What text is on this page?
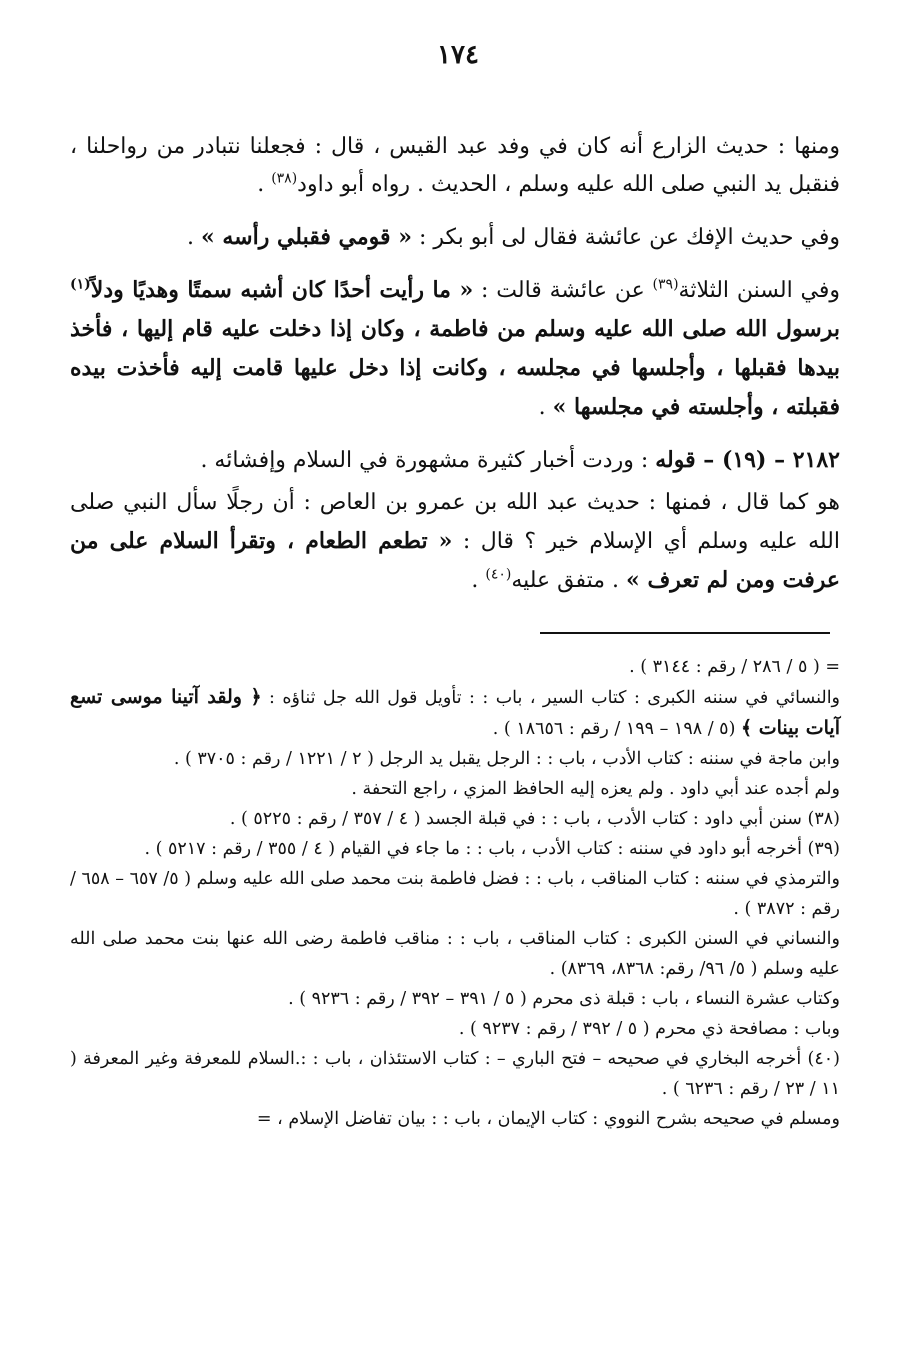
١٧٤

ومنها : حديث الزارع أنه كان في وفد عبد القيس ، قال : فجعلنا نتبادر من رواحلنا ، فنقبل يد النبي صلى الله عليه وسلم ، الحديث . رواه أبو داود$^{(٣٨)}$ .

وفي حديث الإفك عن عائشة فقال لى أبو بكر : « قومي فقبلي رأسه » .

وفي السنن الثلاثة$^{(٣٩)}$ عن عائشة قالت : « ما رأيت أحدًا كان أشبه سمتًا وهديًا ودلاً$^{(١)}$ برسول الله صلى الله عليه وسلم من فاطمة ، وكان إذا دخلت عليه قام إليها ، فأخذ بيدها فقبلها ، وأجلسها في مجلسه ، وكانت إذا دخل عليها قامت إليه فأخذت بيده فقبلته ، وأجلسته في مجلسها » .

٢١٨٢ – (١٩) – قوله : وردت أخبار كثيرة مشهورة في السلام وإفشائه .

هو كما قال ، فمنها : حديث عبد الله بن عمرو بن العاص : أن رجلًا سأل النبي صلى الله عليه وسلم أي الإسلام خير ؟ قال : « تطعم الطعام ، وتقرأ السلام على من عرفت ومن لم تعرف » . متفق عليه$^{(٤٠)}$ .

= ( ٥ / ٢٨٦ / رقم : ٣١٤٤ ) .

والنسائي في سننه الكبرى : كتاب السير ، باب : : تأويل قول الله جل ثناؤه : ﴿ ولقد آتينا موسى تسع آيات بينات ﴾ (٥ / ١٩٨ – ١٩٩ / رقم : ١٨٦٥٦ ) .

وابن ماجة في سننه : كتاب الأدب ، باب : : الرجل يقبل يد الرجل ( ٢ / ١٢٢١ / رقم : ٣٧٠٥ ) .

ولم أجده عند أبي داود . ولم يعزه إليه الحافظ المزي ، راجع التحفة .

(٣٨) سنن أبي داود : كتاب الأدب ، باب : : في قبلة الجسد ( ٤ / ٣٥٧ / رقم : ٥٢٢٥ ) .

(٣٩) أخرجه أبو داود في سننه : كتاب الأدب ، باب : : ما جاء في القيام ( ٤ / ٣٥٥ / رقم : ٥٢١٧ ) .

والترمذي في سننه : كتاب المناقب ، باب : : فضل فاطمة بنت محمد صلى الله عليه وسلم ( ٥/ ٦٥٧ – ٦٥٨ / رقم : ٣٨٧٢ ) .

والنساني في السنن الكبرى : كتاب المناقب ، باب : : مناقب فاطمة رضى الله عنها بنت محمد صلى الله عليه وسلم ( ٥/ ٩٦/ رقم: ٨٣٦٨، ٨٣٦٩) .

وكتاب عشرة النساء ، باب : قبلة ذى محرم ( ٥ / ٣٩١ – ٣٩٢ / رقم : ٩٢٣٦ ) .

وباب : مصافحة ذي محرم ( ٥ / ٣٩٢ / رقم : ٩٢٣٧ ) .

(٤٠) أخرجه البخاري في صحيحه – فتح الباري – : كتاب الاستئذان ، باب : :.السلام للمعرفة وغير المعرفة ( ١١ / ٢٣ / رقم : ٦٢٣٦ ) .

ومسلم في صحيحه بشرح النووي : كتاب الإيمان ، باب : : بيان تفاضل الإسلام ، =
